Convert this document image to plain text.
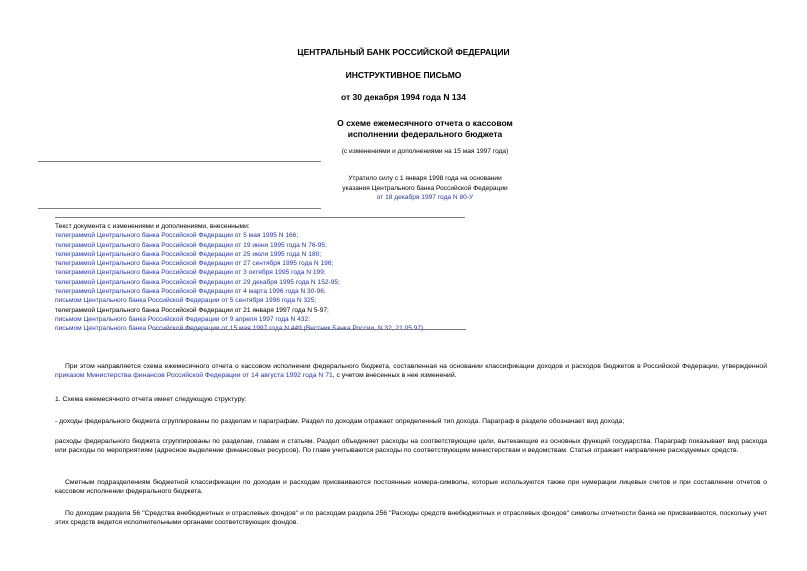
ЦЕНТРАЛЬНЫЙ БАНК РОССИЙСКОЙ ФЕДЕРАЦИИ
ИНСТРУКТИВНОЕ ПИСЬМО
от 30 декабря 1994 года N 134
О схеме ежемесячного отчета о кассовом
исполнении федерального бюджета
(с изменениями и дополнениями на 15 мая 1997 года)
Утратило силу с 1 января 1998 года на основании
указания Центрального банка Российской Федерации
от 18 декабря 1997 года N 80-У
Текст документа с изменениями и дополнениями, внесенными:
телеграммой Центрального банка Российской Федерации от 5 мая 1995 N 166;
телеграммой Центрального банка Российской Федерации от 19 июня 1995 года N 76-95;
телеграммой Центрального банка Российской Федерации от 25 июля 1995 года N 180;
телеграммой Центрального банка Российской Федерации от 27 сентября 1995 года N 196;
телеграммой Центрального банка Российской Федерации от 3 октября 1995 года N 199;
телеграммой Центрального банка Российской Федерации от 29 декабря 1995 года N 152-95;
телеграммой Центрального банка Российской Федерации от 4 марта 1996 года N 30-96;
письмом Центрального банка Российской Федерации от 5 сентября 1996 года N 325;
телеграммой Центрального банка Российской Федерации от 21 января 1997 года N 5-97;
письмом Центрального банка Российской Федерации от 9 апреля 1997 года N 432;
письмом Центрального банка Российской Федерации от 15 мая 1997 года N 449 (Вестник Банка России, N 32, 21.05.97).
При этом направляется схема ежемесячного отчета о кассовом исполнении федерального бюджета, составленная на основании классификации доходов и расходов бюджетов в Российской Федерации, утвержденной приказом Министерства финансов Российской Федерации от 14 августа 1992 года N 71, с учетом внесенных в нее изменений.
1. Схема ежемесячного отчета имеет следующую структуру:
- доходы федерального бюджета сгруппированы по разделам и параграфам. Раздел по доходам отражает определенный тип дохода. Параграф в разделе обозначает вид дохода;
расходы федерального бюджета сгруппированы по разделам, главам и статьям. Раздел объединяет расходы на соответствующие цели, вытекающие из основных функций государства. Параграф показывает вид расхода или расходы по мероприятиям (адресное выделение финансовых ресурсов). По главе учитываются расходы по соответствующим министерствам и ведомствам. Статья отражает направление расходуемых средств.
Сметным подразделениям бюджетной классификации по доходам и расходам присваиваются постоянные номера-символы, которые используются также при нумерации лицевых счетов и при составлении отчетов о кассовом исполнении федерального бюджета.
По доходам раздела 56 "Средства внебюджетных и отраслевых фондов" и по расходам раздела 256 "Расходы средств внебюджетных и отраслевых фондов" символы отчетности банка не присваиваются, поскольку учет этих средств ведется исполнительными органами соответствующих фондов.
